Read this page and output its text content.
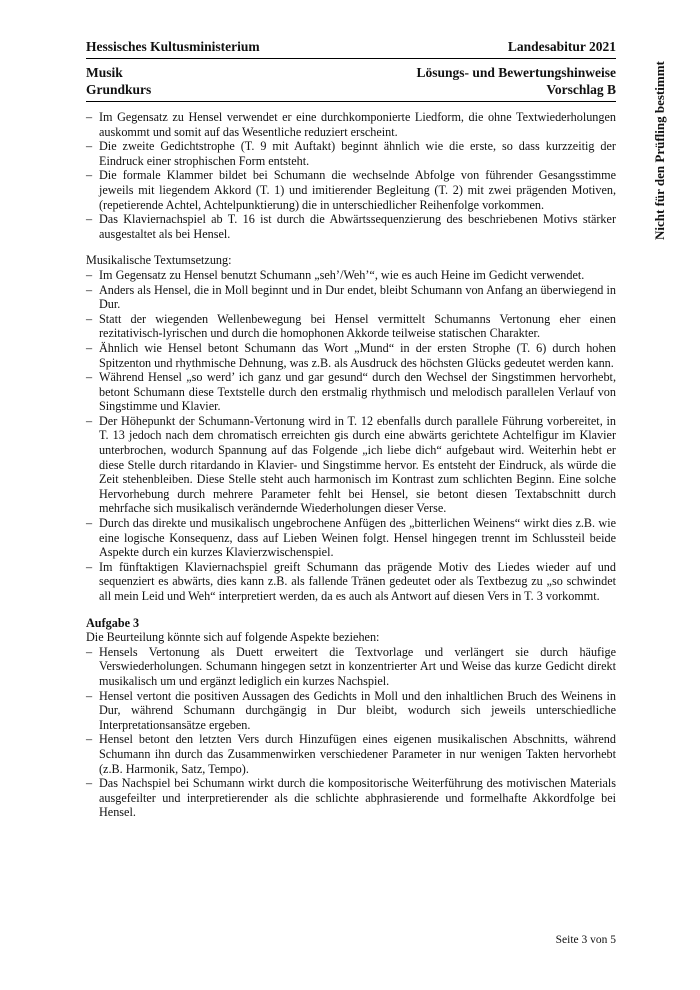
Hessisches Kultusministerium	Landesabitur 2021
Musik
Grundkurs
Lösungs- und Bewertungshinweise
Vorschlag B
– Im Gegensatz zu Hensel verwendet er eine durchkomponierte Liedform, die ohne Textwiederholungen auskommt und somit auf das Wesentliche reduziert erscheint.
– Die zweite Gedichtstrophe (T. 9 mit Auftakt) beginnt ähnlich wie die erste, so dass kurzzeitig der Eindruck einer strophischen Form entsteht.
– Die formale Klammer bildet bei Schumann die wechselnde Abfolge von führender Gesangsstimme jeweils mit liegendem Akkord (T. 1) und imitierender Begleitung (T. 2) mit zwei prägenden Motiven, (repetierende Achtel, Achtelpunktierung) die in unterschiedlicher Reihenfolge vorkommen.
– Das Klaviernachspiel ab T. 16 ist durch die Abwärtssequenzierung des beschriebenen Motivs stärker ausgestaltet als bei Hensel.
Musikalische Textumsetzung:
– Im Gegensatz zu Hensel benutzt Schumann „seh’/Weh’“, wie es auch Heine im Gedicht verwendet.
– Anders als Hensel, die in Moll beginnt und in Dur endet, bleibt Schumann von Anfang an überwiegend in Dur.
– Statt der wiegenden Wellenbewegung bei Hensel vermittelt Schumanns Vertonung eher einen rezitativisch-lyrischen und durch die homophonen Akkorde teilweise statischen Charakter.
– Ähnlich wie Hensel betont Schumann das Wort „Mund“ in der ersten Strophe (T. 6) durch hohen Spitzenton und rhythmische Dehnung, was z.B. als Ausdruck des höchsten Glücks gedeutet werden kann.
– Während Hensel „so werd’ ich ganz und gar gesund“ durch den Wechsel der Singstimmen hervorhebt, betont Schumann diese Textstelle durch den erstmalig rhythmisch und melodisch parallelen Verlauf von Singstimme und Klavier.
– Der Höhepunkt der Schumann-Vertonung wird in T. 12 ebenfalls durch parallele Führung vorbereitet, in T. 13 jedoch nach dem chromatisch erreichten gis durch eine abwärts gerichtete Achtelfigur im Klavier unterbrochen, wodurch Spannung auf das Folgende „ich liebe dich“ aufgebaut wird. Weiterhin hebt er diese Stelle durch ritardando in Klavier- und Singstimme hervor. Es entsteht der Eindruck, als würde die Zeit stehenbleiben. Diese Stelle steht auch harmonisch im Kontrast zum schlichten Beginn. Eine solche Hervorhebung durch mehrere Parameter fehlt bei Hensel, sie betont diesen Textabschnitt durch mehrfache sich musikalisch verändernde Wiederholungen dieser Verse.
– Durch das direkte und musikalisch ungebrochene Anfügen des „bitterlichen Weinens“ wirkt dies z.B. wie eine logische Konsequenz, dass auf Lieben Weinen folgt. Hensel hingegen trennt im Schlussteil beide Aspekte durch ein kurzes Klavierzwischenspiel.
– Im fünftaktigen Klaviernachspiel greift Schumann das prägende Motiv des Liedes wieder auf und sequenziert es abwärts, dies kann z.B. als fallende Tränen gedeutet oder als Textbezug zu „so schwindet all mein Leid und Weh“ interpretiert werden, da es auch als Antwort auf diesen Vers in T. 3 vorkommt.
Aufgabe 3
Die Beurteilung könnte sich auf folgende Aspekte beziehen:
– Hensels Vertonung als Duett erweitert die Textvorlage und verlängert sie durch häufige Verswiederholungen. Schumann hingegen setzt in konzentrierter Art und Weise das kurze Gedicht direkt musikalisch um und ergänzt lediglich ein kurzes Nachspiel.
– Hensel vertont die positiven Aussagen des Gedichts in Moll und den inhaltlichen Bruch des Weinens in Dur, während Schumann durchgängig in Dur bleibt, wodurch sich jeweils unterschiedliche Interpretationsansätze ergeben.
– Hensel betont den letzten Vers durch Hinzufügen eines eigenen musikalischen Abschnitts, während Schumann ihn durch das Zusammenwirken verschiedener Parameter in nur wenigen Takten hervorhebt (z.B. Harmonik, Satz, Tempo).
– Das Nachspiel bei Schumann wirkt durch die kompositorische Weiterführung des motivischen Materials ausgefeilter und interpretierender als die schlichte abphrasierende und formelhafte Akkordfolge bei Hensel.
Nicht für den Prüfling bestimmt
Seite 3 von 5
